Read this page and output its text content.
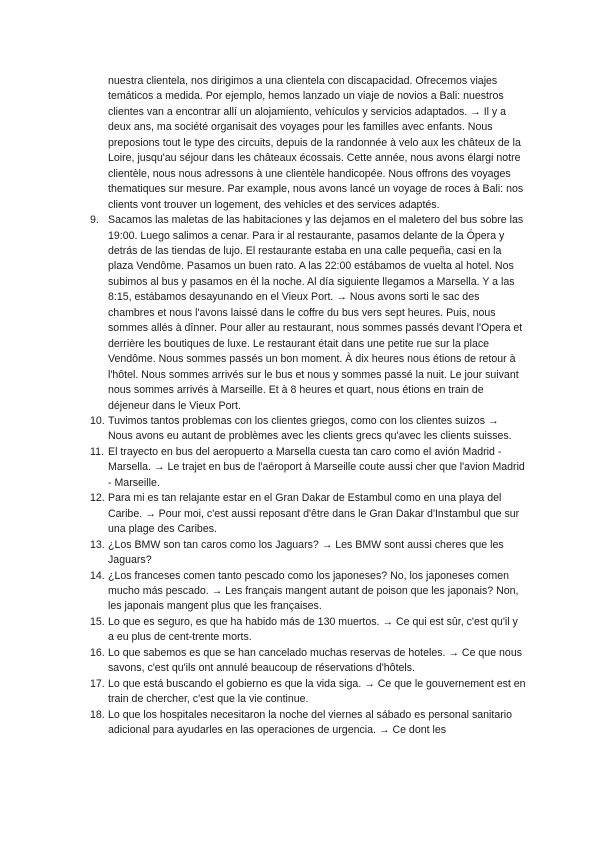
nuestra clientela, nos dirigimos a una clientela con discapacidad. Ofrecemos viajes temáticos a medida. Por ejemplo, hemos lanzado un viaje de novios a Bali: nuestros clientes van a encontrar allí un alojamiento, vehículos y servicios adaptados. → Il y a deux ans, ma société organisait des voyages pour les familles avec enfants. Nous preposions tout le type des circuits, depuis de la randonnée à velo aux les châteux de la Loire, jusqu'au séjour dans les châteaux écossais. Cette année, nous avons élargi notre clientèle, nous nous adressons à une clientèle handicopée. Nous offrons des voyages thematiques sur mesure. Par example, nous avons lancé un voyage de roces à Bali: nos clients vont trouver un logement, des vehicles et des services adaptés.

9. Sacamos las maletas de las habitaciones y las dejamos en el maletero del bus sobre las 19:00. Luego salimos a cenar. Para ir al restaurante, pasamos delante de la Ópera y detrás de las tiendas de lujo. El restaurante estaba en una calle pequeña, casi en la plaza Vendôme. Pasamos un buen rato. A las 22:00 estábamos de vuelta al hotel. Nos subimos al bus y pasamos en él la noche. Al día siguiente llegamos a Marsella. Y a las 8:15, estábamos desayunando en el Vieux Port. → Nous avons sorti le sac des chambres et nous l'avons laissé dans le coffre du bus vers sept heures. Puis, nous sommes allés à dînner. Pour aller au restaurant, nous sommes passés devant l'Opera et derrière les boutiques de luxe. Le restaurant était dans une petite rue sur la place Vendôme. Nous sommes passés un bon moment. À dix heures nous étions de retour à l'hôtel. Nous sommes arrivés sur le bus et nous y sommes passé la nuit. Le jour suivant nous sommes arrivés à Marseille. Et à 8 heures et quart, nous étions en train de déjeneur dans le Vieux Port.
10. Tuvimos tantos problemas con los clientes griegos, como con los clientes suizos → Nous avons eu autant de problèmes avec les clients grecs qu'avec les clients suisses.
11. El trayecto en bus del aeropuerto a Marsella cuesta tan caro como el avión Madrid - Marsella. → Le trajet en bus de l'aéroport à Marseille coute aussi cher que l'avion Madrid - Marseille.
12. Para mi es tan relajante estar en el Gran Dakar de Estambul como en una playa del Caribe. → Pour moi, c'est aussi reposant d'être dans le Gran Dakar d'Instambul que sur una plage des Caribes.
13. ¿Los BMW son tan caros como los Jaguars? → Les BMW sont aussi cheres que les Jaguars?
14. ¿Los franceses comen tanto pescado como los japoneses? No, los japoneses comen mucho más pescado. → Les français mangent autant de poison que les japonais? Non, les japonais mangent plus que les françaises.
15. Lo que es seguro, es que ha habido más de 130 muertos. → Ce qui est sûr, c'est qu'il y a eu plus de cent-trente morts.
16. Lo que sabemos es que se han cancelado muchas reservas de hoteles. → Ce que nous savons, c'est qu'ils ont annulé beaucoup de réservations d'hôtels.
17. Lo que está buscando el gobierno es que la vida siga. → Ce que le gouvernement est en train de chercher, c'est que la vie continue.
18. Lo que los hospitales necesitaron la noche del viernes al sábado es personal sanitario adicional para ayudarles en las operaciones de urgencia. → Ce dont les
